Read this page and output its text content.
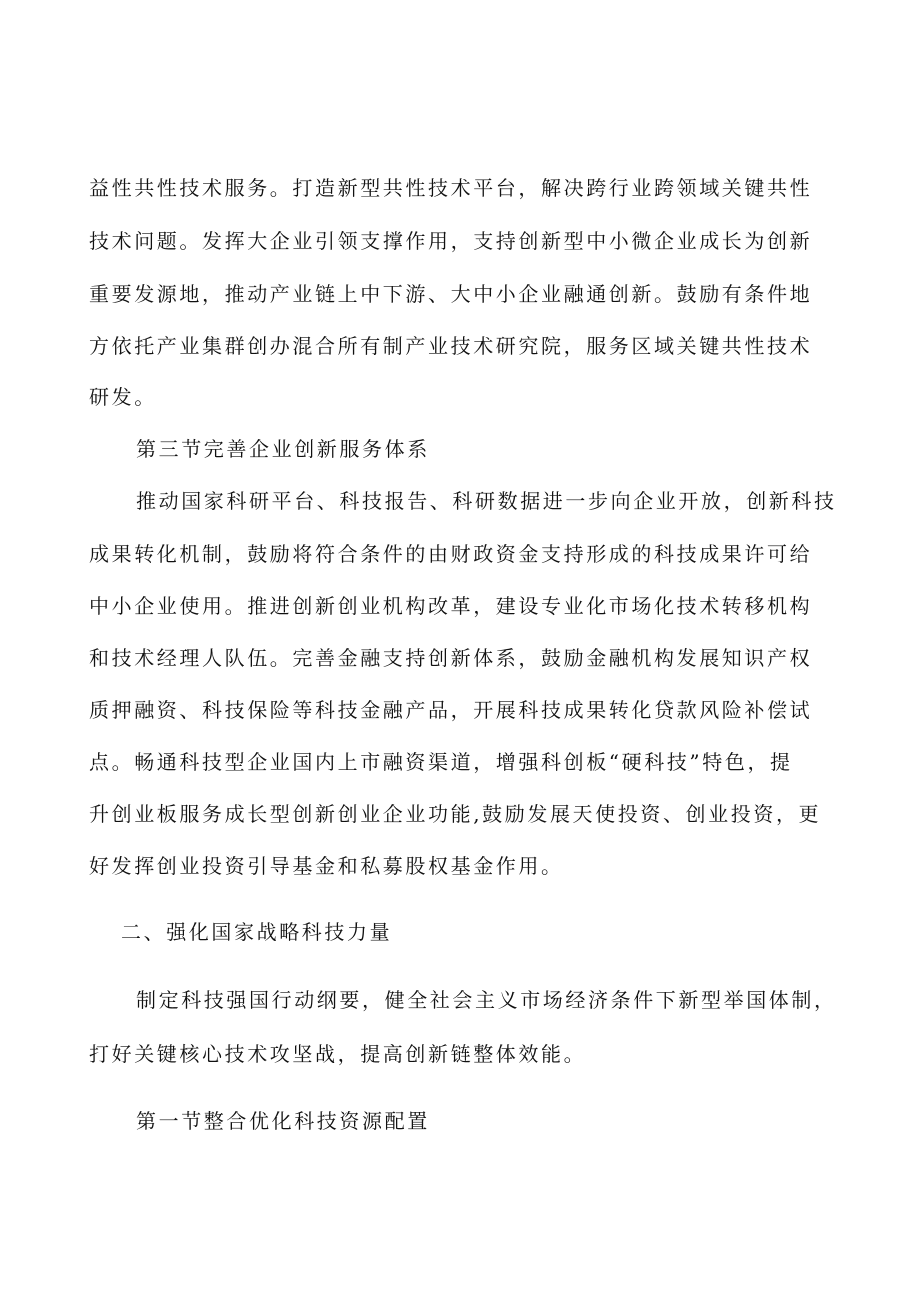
益性共性技术服务。打造新型共性技术平台，解决跨行业跨领域关键共性
技术问题。发挥大企业引领支撑作用，支持创新型中小微企业成长为创新
重要发源地，推动产业链上中下游、大中小企业融通创新。鼓励有条件地
方依托产业集群创办混合所有制产业技术研究院，服务区域关键共性技术
研发。
第三节完善企业创新服务体系
推动国家科研平台、科技报告、科研数据进一步向企业开放，创新科技
成果转化机制，鼓励将符合条件的由财政资金支持形成的科技成果许可给
中小企业使用。推进创新创业机构改革，建设专业化市场化技术转移机构
和技术经理人队伍。完善金融支持创新体系，鼓励金融机构发展知识产权
质押融资、科技保险等科技金融产品，开展科技成果转化贷款风险补偿试
点。畅通科技型企业国内上市融资渠道，增强科创板“硬科技”特色，提
升创业板服务成长型创新创业企业功能,鼓励发展天使投资、创业投资，更
好发挥创业投资引导基金和私募股权基金作用。
二、强化国家战略科技力量
制定科技强国行动纲要，健全社会主义市场经济条件下新型举国体制，
打好关键核心技术攻坚战，提高创新链整体效能。
第一节整合优化科技资源配置
